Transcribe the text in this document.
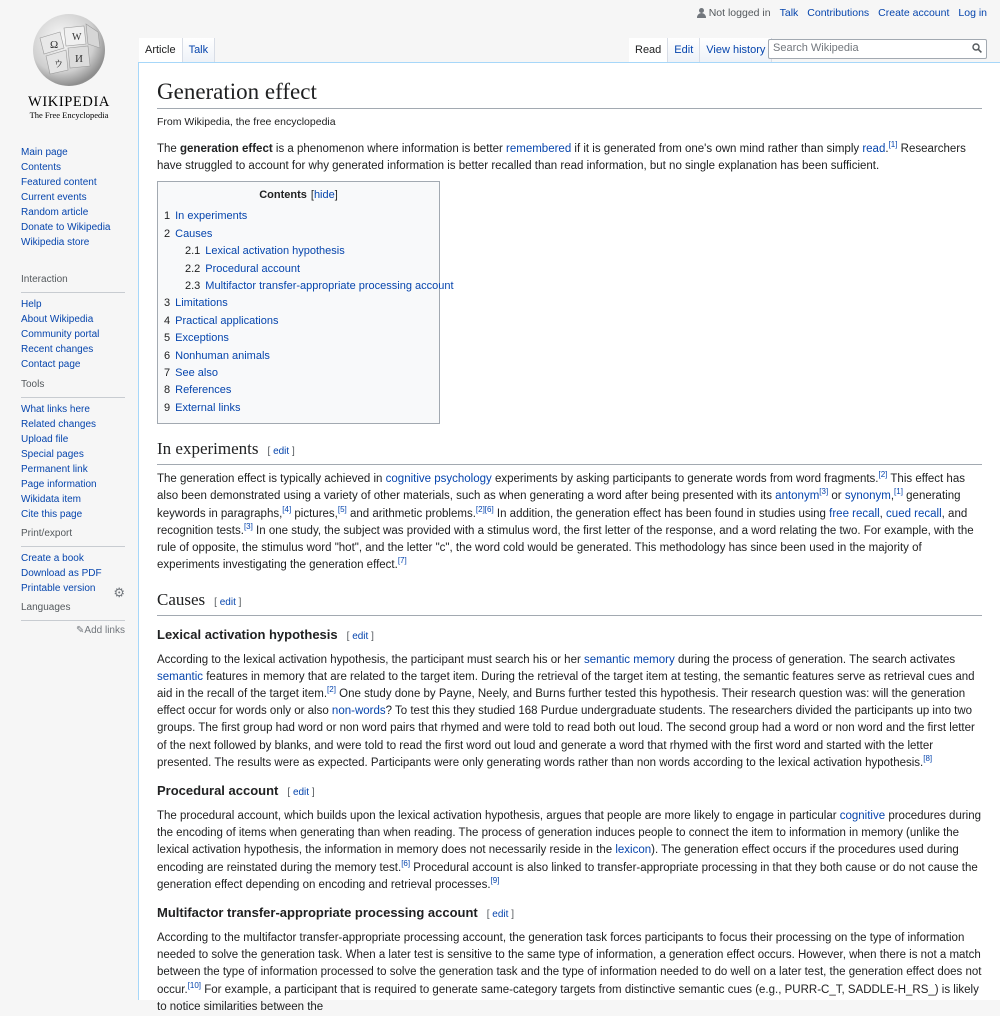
Ω
W
И
ウ
WIKIPEDIA
The Free Encyclopedia
Main page
Contents
Featured content
Current events
Random article
Donate to Wikipedia
Wikipedia store
Interaction
Help
About Wikipedia
Community portal
Recent changes
Contact page
Tools
What links here
Related changes
Upload file
Special pages
Permanent link
Page information
Wikidata item
Cite this page
Print/export
Create a book
Download as PDF
Printable version
Languages
⚙
✎Add links
Not logged in Talk Contributions Create account Log in
Article	Talk	Read	Edit	View history Search Wikipedia
Generation effect
From Wikipedia, the free encyclopedia

The generation effect is a phenomenon where information is better remembered if it is generated from one's own mind rather than simply read.[1] Researchers have struggled to account for why generated information is better recalled than read information, but no single explanation has been sufficient.

Contents [hide]
1 In experiments
2 Causes
2.1 Lexical activation hypothesis
2.2 Procedural account
2.3 Multifactor transfer-appropriate processing account
3 Limitations
4 Practical applications
5 Exceptions
6 Nonhuman animals
7 See also
8 References
9 External links
In experiments [ edit ]

The generation effect is typically achieved in cognitive psychology experiments by asking participants to generate words from word fragments.[2] This effect has also been demonstrated using a variety of other materials, such as when generating a word after being presented with its antonym[3] or synonym,[1] generating keywords in paragraphs,[4] pictures,[5] and arithmetic problems.[2][6] In addition, the generation effect has been found in studies using free recall, cued recall, and recognition tests.[3] In one study, the subject was provided with a stimulus word, the first letter of the response, and a word relating the two. For example, with the rule of opposite, the stimulus word "hot", and the letter "c", the word cold would be generated. This methodology has since been used in the majority of experiments investigating the generation effect.[7]

Causes [ edit ]
Lexical activation hypothesis [ edit ]

According to the lexical activation hypothesis, the participant must search his or her semantic memory during the process of generation. The search activates semantic features in memory that are related to the target item. During the retrieval of the target item at testing, the semantic features serve as retrieval cues and aid in the recall of the target item.[2] One study done by Payne, Neely, and Burns further tested this hypothesis. Their research question was: will the generation effect occur for words only or also non-words? To test this they studied 168 Purdue undergraduate students. The researchers divided the participants up into two groups. The first group had word or non word pairs that rhymed and were told to read both out loud. The second group had a word or non word and the first letter of the next followed by blanks, and were told to read the first word out loud and generate a word that rhymed with the first word and started with the letter presented. The results were as expected. Participants were only generating words rather than non words according to the lexical activation hypothesis.[8]

Procedural account [ edit ]

The procedural account, which builds upon the lexical activation hypothesis, argues that people are more likely to engage in particular cognitive procedures during the encoding of items when generating than when reading. The process of generation induces people to connect the item to information in memory (unlike the lexical activation hypothesis, the information in memory does not necessarily reside in the lexicon). The generation effect occurs if the procedures used during encoding are reinstated during the memory test.[6] Procedural account is also linked to transfer-appropriate processing in that they both cause or do not cause the generation effect depending on encoding and retrieval processes.[9]

Multifactor transfer-appropriate processing account [ edit ]

According to the multifactor transfer-appropriate processing account, the generation task forces participants to focus their processing on the type of information needed to solve the generation task. When a later test is sensitive to the same type of information, a generation effect occurs. However, when there is not a match between the type of information processed to solve the generation task and the type of information needed to do well on a later test, the generation effect does not occur.[10] For example, a participant that is required to generate same-category targets from distinctive semantic cues (e.g., PURR-C_T, SADDLE-H_RS_) is likely to notice similarities between the
